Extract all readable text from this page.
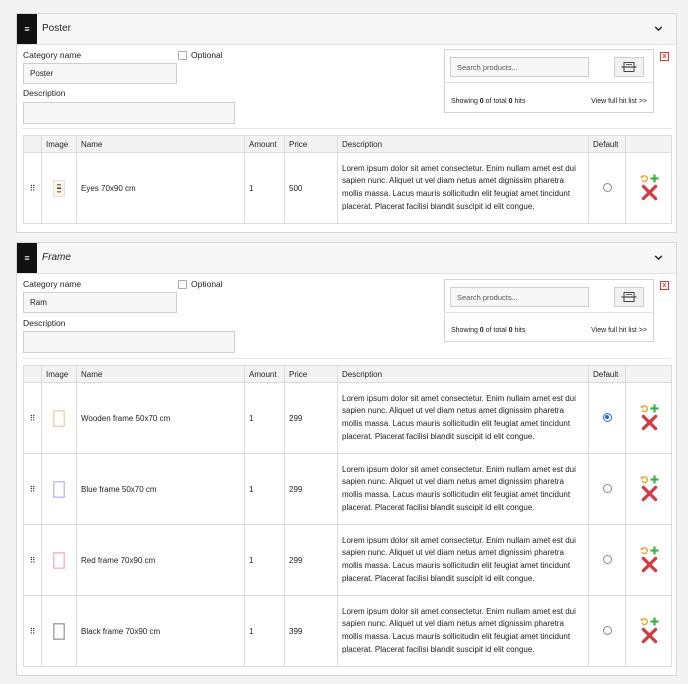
≡	Poster
Category name	Optional
Poster
Description
Search products...
Showing 0 of total 0 hits	View full hit list >>
x
	Image	Name	Amount	Price	Description	Default	
⠿		Eyes 70x90 cm	1	500	Lorem ipsum dolor sit amet consectetur. Enim nullam amet est dui sapien nunc. Aliquet ut vel diam netus amet dignissim pharetra mollis massa. Lacus mauris sollicitudin elit feugiat amet tincidunt placerat. Placerat facilisi blandit suscipit id elit congue.		
≡	Frame
Category name	Optional
Ram
Description
Search products...
Showing 0 of total 0 hits	View full hit list >>
x
	Image	Name	Amount	Price	Description	Default	
⠿		Wooden frame 50x70 cm	1	299	Lorem ipsum dolor sit amet consectetur. Enim nullam amet est dui sapien nunc. Aliquet ut vel diam netus amet dignissim pharetra mollis massa. Lacus mauris sollicitudin elit feugiat amet tincidunt placerat. Placerat facilisi blandit suscipit id elit congue.		

⠿		Blue frame 50x70 cm	1	299	Lorem ipsum dolor sit amet consectetur. Enim nullam amet est dui sapien nunc. Aliquet ut vel diam netus amet dignissim pharetra mollis massa. Lacus mauris sollicitudin elit feugiat amet tincidunt placerat. Placerat facilisi blandit suscipit id elit congue.		

⠿		Red frame 70x90 cm	1	299	Lorem ipsum dolor sit amet consectetur. Enim nullam amet est dui sapien nunc. Aliquet ut vel diam netus amet dignissim pharetra mollis massa. Lacus mauris sollicitudin elit feugiat amet tincidunt placerat. Placerat facilisi blandit suscipit id elit congue.		

⠿		Black frame 70x90 cm	1	399	Lorem ipsum dolor sit amet consectetur. Enim nullam amet est dui sapien nunc. Aliquet ut vel diam netus amet dignissim pharetra mollis massa. Lacus mauris sollicitudin elit feugiat amet tincidunt placerat. Placerat facilisi blandit suscipit id elit congue.		
